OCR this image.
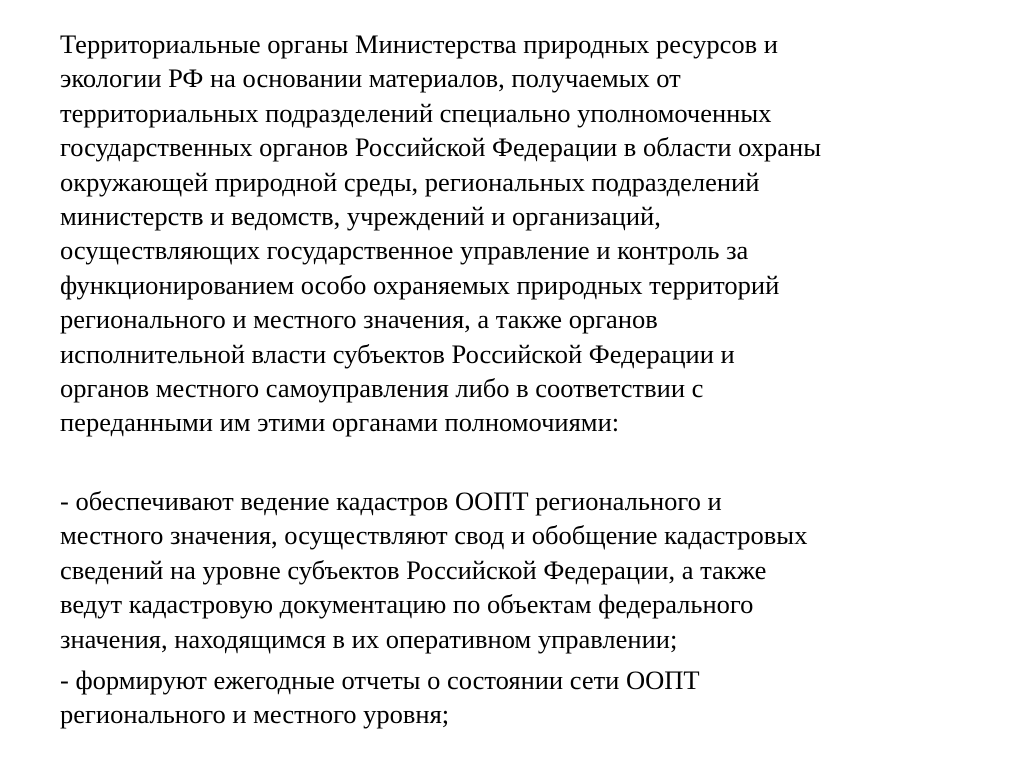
Территориальные органы Министерства природных ресурсов и
экологии РФ на основании материалов, получаемых от
территориальных подразделений специально уполномоченных
государственных органов Российской Федерации в области охраны
окружающей природной среды, региональных подразделений
министерств и ведомств, учреждений и организаций,
осуществляющих государственное управление и контроль за
функционированием особо охраняемых природных территорий
регионального и местного значения, а также органов
исполнительной власти субъектов Российской Федерации и
органов местного самоуправления либо в соответствии с
переданными им этими органами полномочиями:

- обеспечивают ведение кадастров ООПТ регионального и
местного значения, осуществляют свод и обобщение кадастровых
сведений на уровне субъектов Российской Федерации, а также
ведут кадастровую документацию по объектам федерального
значения, находящимся в их оперативном управлении;

- формируют ежегодные отчеты о состоянии сети ООПТ
регионального и местного уровня;
